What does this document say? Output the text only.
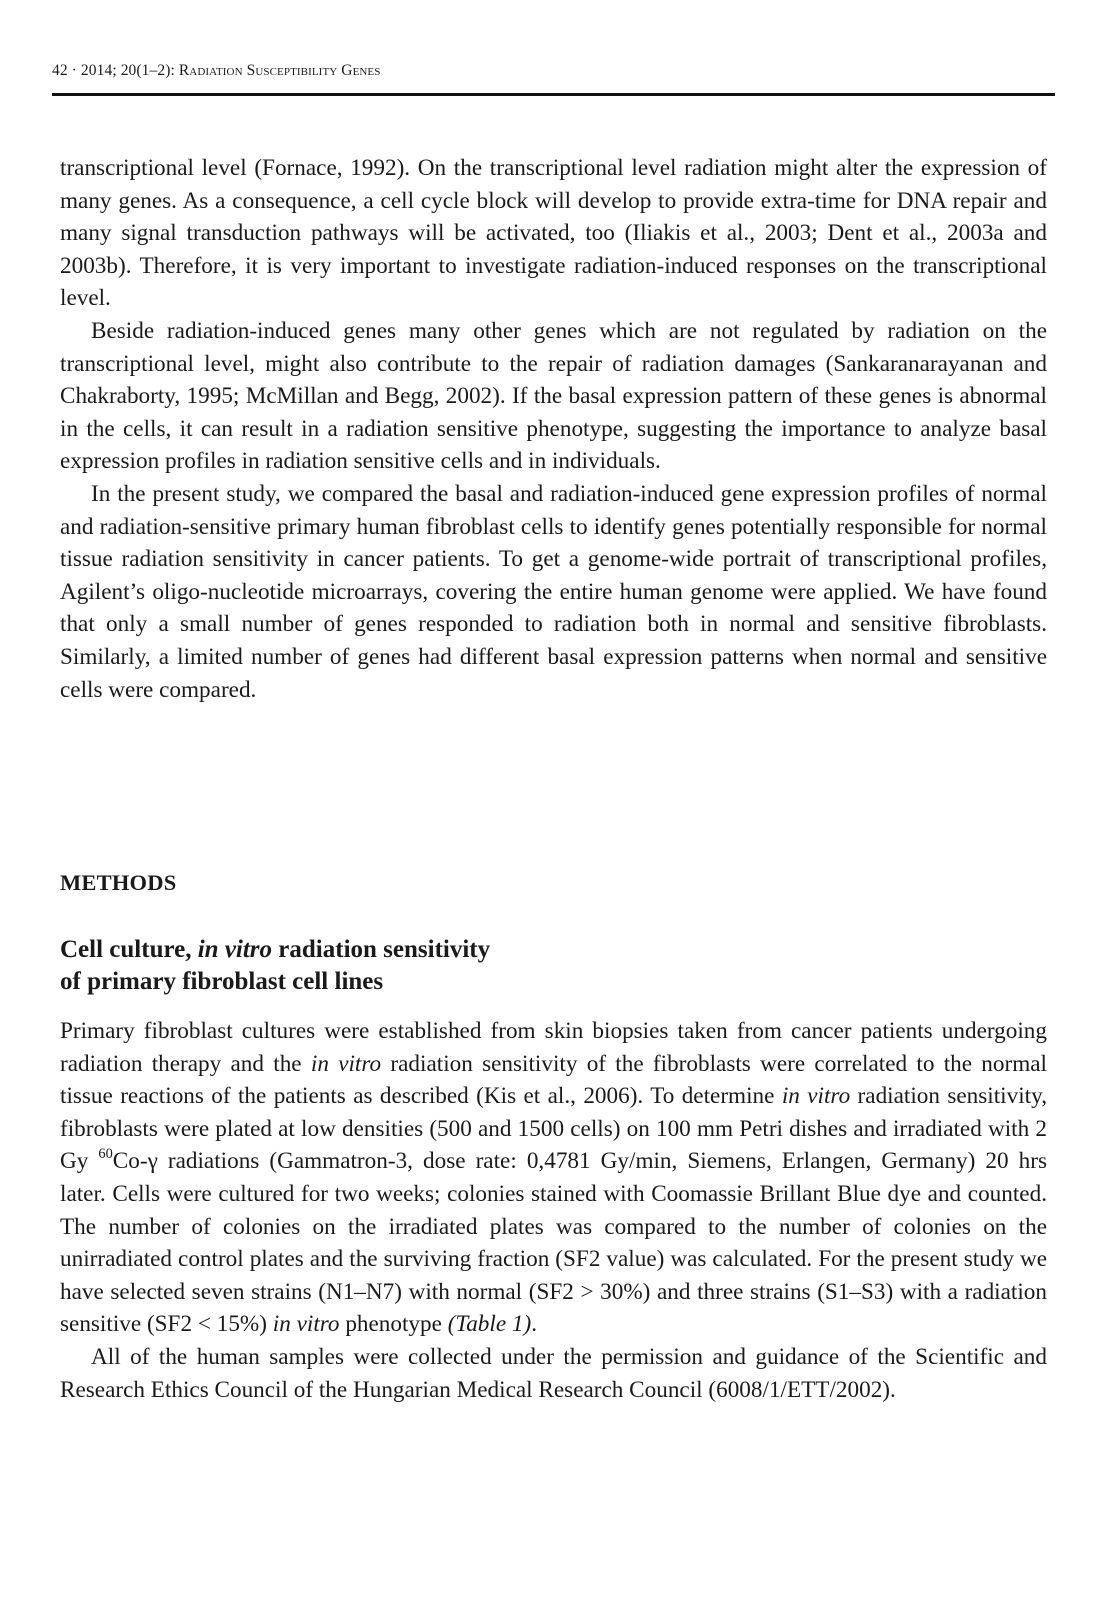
42 · 2014; 20(1–2): Radiation Susceptibility Genes

transcriptional level (Fornace, 1992). On the transcriptional level radiation might alter the expression of many genes. As a consequence, a cell cycle block will develop to provide extra-time for DNA repair and many signal transduction pathways will be activated, too (Iliakis et al., 2003; Dent et al., 2003a and 2003b). Therefore, it is very important to investigate radiation-induced responses on the transcriptional level.

Beside radiation-induced genes many other genes which are not regulated by radiation on the transcriptional level, might also contribute to the repair of radiation damages (Sankaranarayanan and Chakraborty, 1995; McMillan and Begg, 2002). If the basal expression pattern of these genes is abnormal in the cells, it can result in a radiation sensitive phenotype, suggesting the importance to analyze basal expression profiles in radiation sensitive cells and in individuals.

In the present study, we compared the basal and radiation-induced gene expression profiles of normal and radiation-sensitive primary human fibroblast cells to identify genes potentially responsible for normal tissue radiation sensitivity in cancer patients. To get a genome-wide portrait of transcriptional profiles, Agilent’s oligo-nucleotide microarrays, covering the entire human genome were applied. We have found that only a small number of genes responded to radiation both in normal and sensitive fibroblasts. Similarly, a limited number of genes had different basal expression patterns when normal and sensitive cells were compared.

METHODS
Cell culture, in vitro radiation sensitivity
of primary fibroblast cell lines

Primary fibroblast cultures were established from skin biopsies taken from cancer patients undergoing radiation therapy and the in vitro radiation sensitivity of the fibroblasts were correlated to the normal tissue reactions of the patients as described (Kis et al., 2006). To determine in vitro radiation sensitivity, fibroblasts were plated at low densities (500 and 1500 cells) on 100 mm Petri dishes and irradiated with 2 Gy $^{60}$Co-γ radiations (Gammatron-3, dose rate: 0,4781 Gy/min, Siemens, Erlangen, Germany) 20 hrs later. Cells were cultured for two weeks; colonies stained with Coomassie Brillant Blue dye and counted. The number of colonies on the irradiated plates was compared to the number of colonies on the unirradiated control plates and the surviving fraction (SF2 value) was calculated. For the present study we have selected seven strains (N1–N7) with normal (SF2 > 30%) and three strains (S1–S3) with a radiation sensitive (SF2 < 15%) in vitro phenotype (Table 1).

All of the human samples were collected under the permission and guidance of the Scientific and Research Ethics Council of the Hungarian Medical Research Council (6008/1/ETT/2002).
